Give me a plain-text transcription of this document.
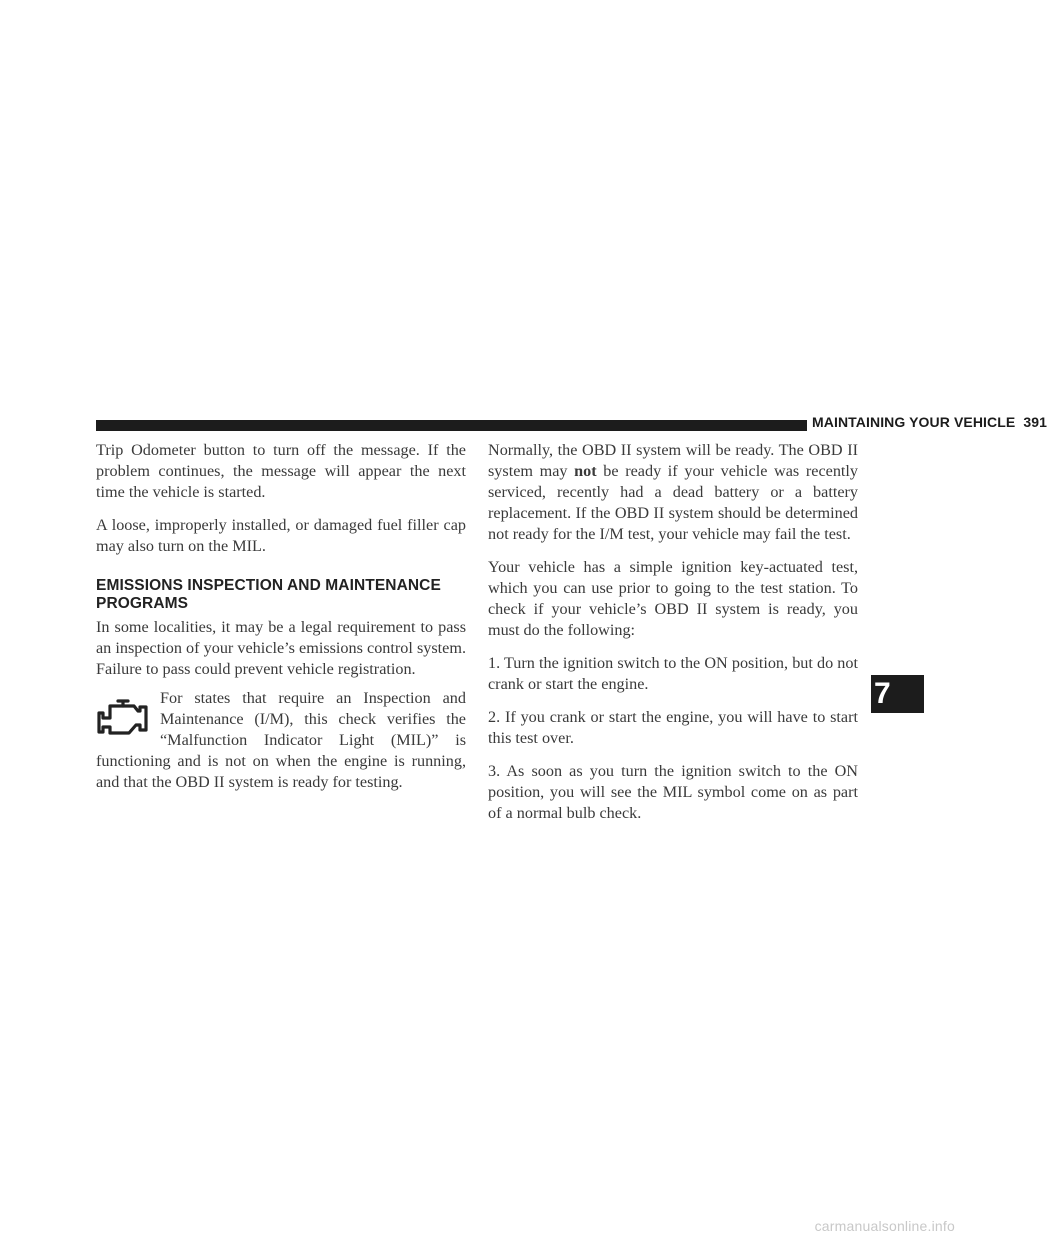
MAINTAINING YOUR VEHICLE 391

Trip Odometer button to turn off the message. If the problem continues, the message will appear the next time the vehicle is started.

A loose, improperly installed, or damaged fuel filler cap may also turn on the MIL.

EMISSIONS INSPECTION AND MAINTENANCE PROGRAMS

In some localities, it may be a legal requirement to pass an inspection of your vehicle’s emissions control system. Failure to pass could prevent vehicle registration.

For states that require an Inspection and Maintenance (I/M), this check verifies the “Malfunction Indicator Light (MIL)” is functioning and is not on when the engine is running, and that the OBD II system is ready for testing.

Normally, the OBD II system will be ready. The OBD II system may not be ready if your vehicle was recently serviced, recently had a dead battery or a battery replacement. If the OBD II system should be determined not ready for the I/M test, your vehicle may fail the test.

Your vehicle has a simple ignition key-actuated test, which you can use prior to going to the test station. To check if your vehicle’s OBD II system is ready, you must do the following:

1. Turn the ignition switch to the ON position, but do not crank or start the engine.

2. If you crank or start the engine, you will have to start this test over.

3. As soon as you turn the ignition switch to the ON position, you will see the MIL symbol come on as part of a normal bulb check.

7
carmanualsonline.info
